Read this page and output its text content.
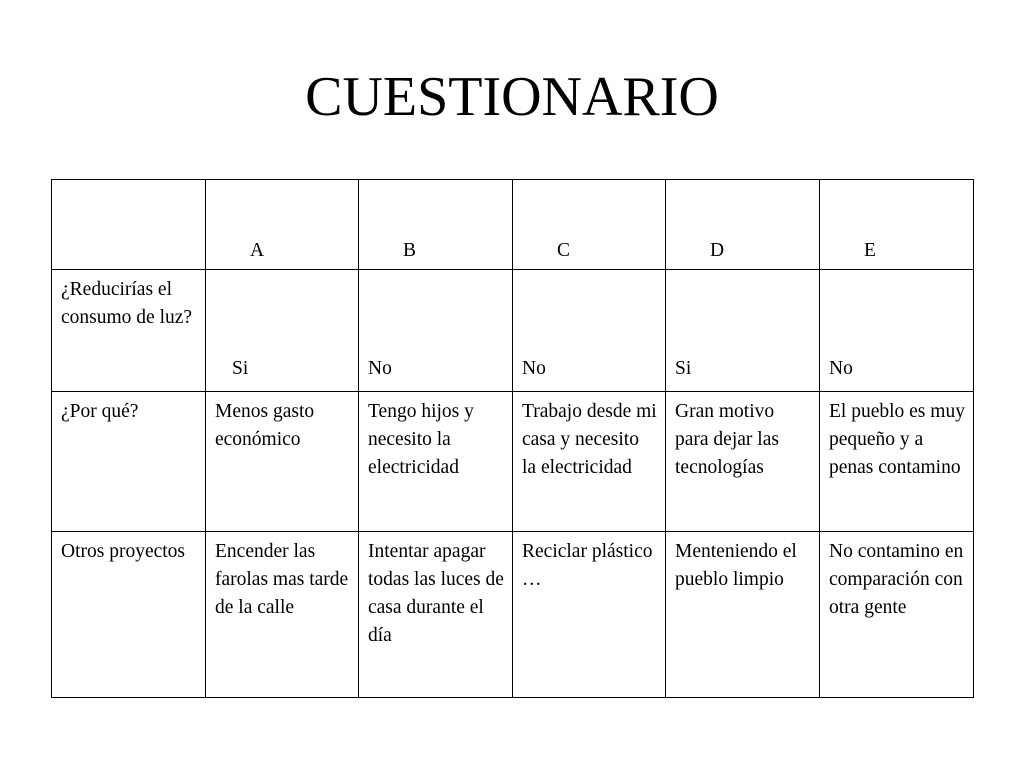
CUESTIONARIO
	A	B	C	D	E
¿Reducirías el consumo de luz?	Si	No	No	Si	No
¿Por qué?	Menos gasto económico	Tengo hijos y necesito la electricidad	Trabajo desde mi casa y necesito la electricidad	Gran motivo para dejar las tecnologías	El pueblo es muy pequeño y a penas contamino
Otros proyectos	Encender las farolas mas tarde de la calle	Intentar apagar todas las luces de casa durante el día	Reciclar plástico …	Menteniendo el pueblo limpio	No contamino en comparación con otra gente
